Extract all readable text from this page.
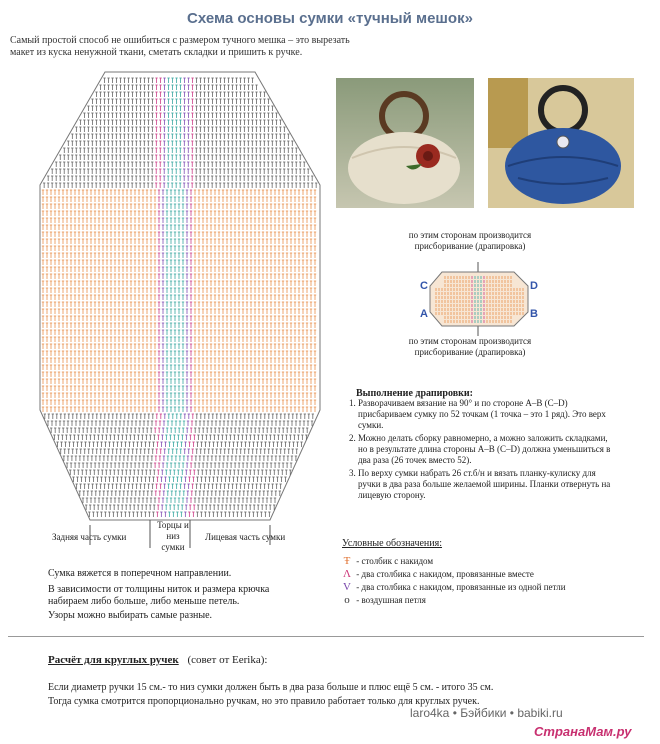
Схема основы сумки «тучный мешок»
Самый простой способ не ошибиться с размером тучного мешка – это вырезать макет из куска ненужной ткани, сметать складки и пришить к ручке.
Задняя часть сумки
Торцы и низ сумки
Лицевая часть сумки
по этим сторонам производится присборивание (драпировка)
C	D
A	B
по этим сторонам производится присборивание (драпировка)
Выполнение драпировки:
1. Разворачиваем вязание на 90° и по стороне А–В (С–D) присбариваем сумку по 52 точкам (1 точка – это 1 ряд). Это верх сумки.
2. Можно делать сборку равномерно, а можно заложить складками, но в результате длина стороны А–В (С–D) должна уменьшиться в два раза (26 точек вместо 52).
3. По верху сумки набрать 26 ст.б/н и вязать планку-кулиску для ручки в два раза больше желаемой ширины. Планки отвернуть на лицевую сторону.
Сумка вяжется в поперечном направлении.
В зависимости от толщины ниток и размера крючка набираем либо больше, либо меньше петель.
Узоры можно выбирать самые разные.
Условные обозначения:
Ŧ - столбик с накидом
Λ - два столбика с накидом, провязанные вместе
V - два столбика с накидом, провязанные из одной петли
o - воздушная петля
Расчёт для круглых ручек (совет от Eerika):
Если диаметр ручки 15 см.- то низ сумки должен быть в два раза больше и плюс ещё 5 см. - итого 35 см.
Тогда сумка смотрится пропорционально ручкам, но это правило работает только для круглых ручек.
laro4ka • Бэйбики • babiki.ru
СтранаМам.ру
